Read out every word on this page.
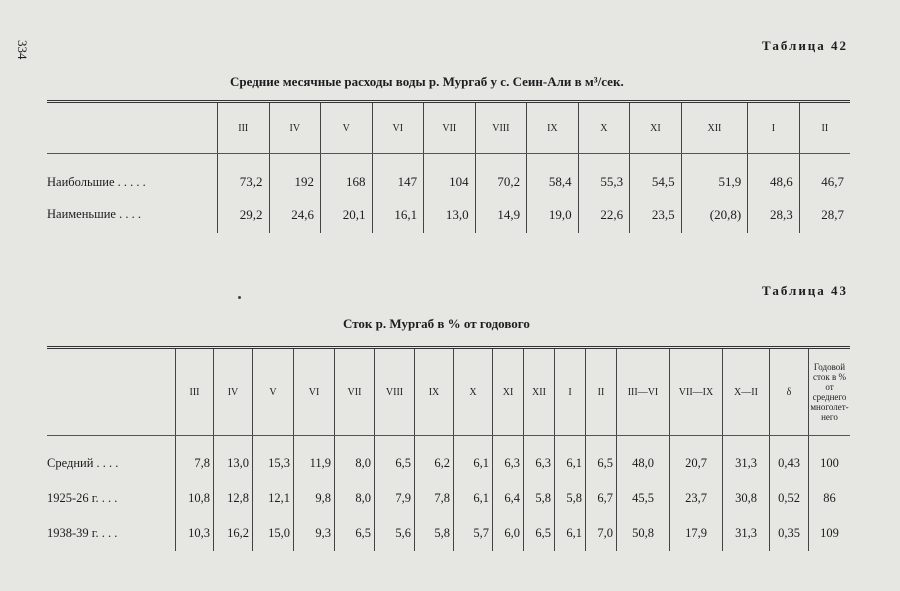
334	Таблица 42
Средние месячные расходы воды р. Мургаб у с. Сеин-Али в м³/сек.
	III	IV	V	VI	VII	VIII	IX	X	XI	XII	I	II
Наибольшие . . . . .	73,2	192	168	147	104	70,2	58,4	55,3	54,5	51,9	48,6	46,7
Наименьшие . . . .	29,2	24,6	20,1	16,1	13,0	14,9	19,0	22,6	23,5	(20,8)	28,3	28,7
Таблица 43
Сток р. Мургаб в % от годового
	III	IV	V	VI	VII	VIII	IX	X	XI	XII	I	II	III—VI	VII—IX	X—II	δ	Годовой сток в % от среднего многолет-него
Средний . . . .	7,8	13,0	15,3	11,9	8,0	6,5	6,2	6,1	6,3	6,3	6,1	6,5	48,0	20,7	31,3	0,43	100
1925-26 г. . . .	10,8	12,8	12,1	9,8	8,0	7,9	7,8	6,1	6,4	5,8	5,8	6,7	45,5	23,7	30,8	0,52	86
1938-39 г. . . .	10,3	16,2	15,0	9,3	6,5	5,6	5,8	5,7	6,0	6,5	6,1	7,0	50,8	17,9	31,3	0,35	109
